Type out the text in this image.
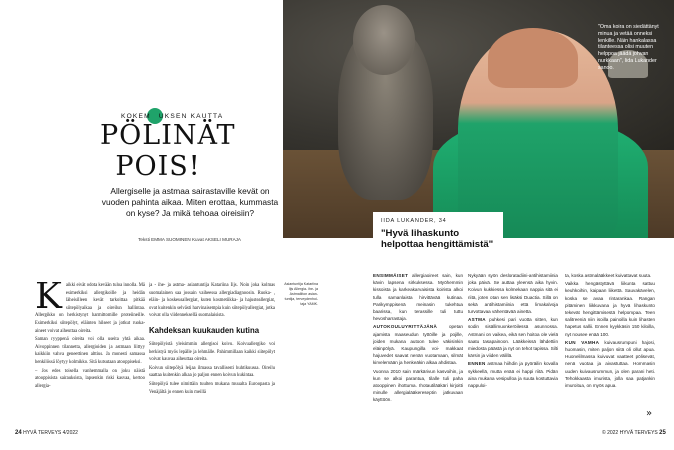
"Oma koira on siedättänyt minua ja vetää onneksi lenkille. Näin hankalassa tilanteessa olisi muuten helppoa jäädä johvan nurkkaan", Iida Lukander sanoo.
IIDA LUKANDER, 34
"Hyvä lihaskunto helpottaa hengittämistä"
KOKEM UKSEN KAUTTA
PÖLINÄT POIS!
Allergiselle ja astmaa sairastaville kevät on vuoden pahinta aikaa. Miten erottaa, kummasta on kyse? Ja mikä tehoaa oireisiin?
Teksti EMMA SUOMINEN Kuvat AKSELI MURAJA
Asiantuntija Katariina Iijs Allergia- ihe- ja Astmaliiton asian-tuntija, terveydenhoi-taja YAMK.
K aikki eivät odota kevään tuloa innolla. Mä esimerkiksi allergikoille ja heidän läheisilleen kevät tarkoittaa pitkää siitepölyaikaa ja oireilun hallintaa. Allergikko on herkistynyt harmittomille proteiineille. Esimerkiksi siitepölyt, eläinten hilseet ja jotkut ruoka-aineet voivat aiheuttaa oireita.

Saman ryyppenä oireita voi olla useita yhtä aikaa. Aivoppinnen tilannetta, allergioiden ja astmaan liittyy kaikkiin vahva geneettinen alttius. Ja monesti samassa henkilössä löytyy kolmikko. Sitä kutsutaan atooppiseksi.

– Jos edes toisella vanhemmalla on joku näistä atooppisista sairauksista, lapsenkin riski kasvaa, kertoo allergia-

ja - ihe- ja astma- asiantuntija Katariina Iijs. Noin joka kolmas suomalainen saa jossain vaiheessa allergiadiagnoosin. Ruoka- , eläin- ja koskeusallergiat, kuten kosmetiikka- ja hajusteallergiat, ovat kuitenkin selvästi harvinaisempia kuin siitepölyallergiat, jotka voivat olla viidenneksellä suomalaisista.

Kahdeksan kuukauden kutina

Siitepölyistä yleisimmin allergisoi koivu. Koivuallergiko voi herkistyä myös lepälle ja lehmälle. Pahimmillaan kaikki siitepölyt voivat kauvaa aiheuttaa oireita.

Koivun siitepölyä leijaa ilmassa tavallisesti huhtikuussa. Oireilu saattaa kuitenkin alkaa jo paljon ennen koivun kukintaa.

Siitepölyä tulee nimittäin tuulten mukana muualta Euroopasta ja Venäjältä jo ennen kuin meillä

ENSIMMÄISET allergiaoireet sain, kun kävin lapsena sirkuksessa. Myöhemmin kissoista ja karkeakarvaisista koirista alkoi tulla samanlaista hirvittävää kutinaa. Parikymppisenä meinasin tukehtua baarissa, kun terassille tuli tuttu hevosharrastaja.

AUTOKOULUYRITTÄJÄNÄ	opetan ajamista maaseudun tyttöille ja pojille, joiden mukana autoon tulee väkisinkin eläinpölyä. Kaupungilla voi- makkaat hajuvedet saavat nenän vuotamaan, silmät kirvelemään ja henkeäkin alkaa ahdistaa.

Vuonna 2010 sain märkärivun kasvoihin, ja kun se alkoi parantua, tilalle tuli paha atooppinen ihottuma. Ihotautilääkäri kirjoitti minulle allergialääkereseptin jatkuvaan käyttöön.

Nykyään syön desloratadiini-antihistamiinia joka päivä. Se auttaa yleensä aika hyvin. Koivun kukkiessa kolmekaan nappia sitä ei riitä, joten otan sen lisäksi Duactia. Sillä on sekä antihistamiinia että limakalvoja turvottavaa vähentävää ainetta.

ASTMA puhkesi pari vuotta sitten, kun sodin sisällimuxnkeröilessä asunnossa. Astmani on vaikea, eikä sen hoitoa ole vielä saatu tasapainoon. Lääkkeissä lähdettiin miedosta päästä ja nyt on tehot tapissa. Silti kärsin ja viiden välillä.

ENNEN astmaa hiihdin ja pyöräilin kovalla sykkeellä, mutta enää ei happi riitä. Pidän aina mukana vesipulloa ja suuta kostuttavia nappuloi-

ta, koska astmalääkkeet kuivattavat suuta.

Vaikka hengästyttävä liikunta sattuu keuhkoihin, kaipaan liikettä. Sauvakävelen, koska se avaa rintarankaa. Rangan pitäminen liikkuvana ja hyvä lihaskunto tekevät hengittämisestä helpompaa. Teen salitreeniä niin isoilla painoilla kuin lihasten hapetus sallii. Ennen kyykkäsin 150 kiloilla, nyt nousee enää 100.

KUN VAMHA kuivausrumpuni hajosi, huomasin, miten paljon siitä oli ollut apua. Huonelilmassa kuivuvat vaatteet pölisevät, nenä vuotaa ja aivastuttaa. Hommasin uuden kuivausrummun, ja olen parani heti. Tehokkaasta imurista, jolla saa patjankin imuroitua, on myös apua.

»
24 HYVÄ TERVEYS 4/2022	© 2022 HYVÄ TERVEYS 25
